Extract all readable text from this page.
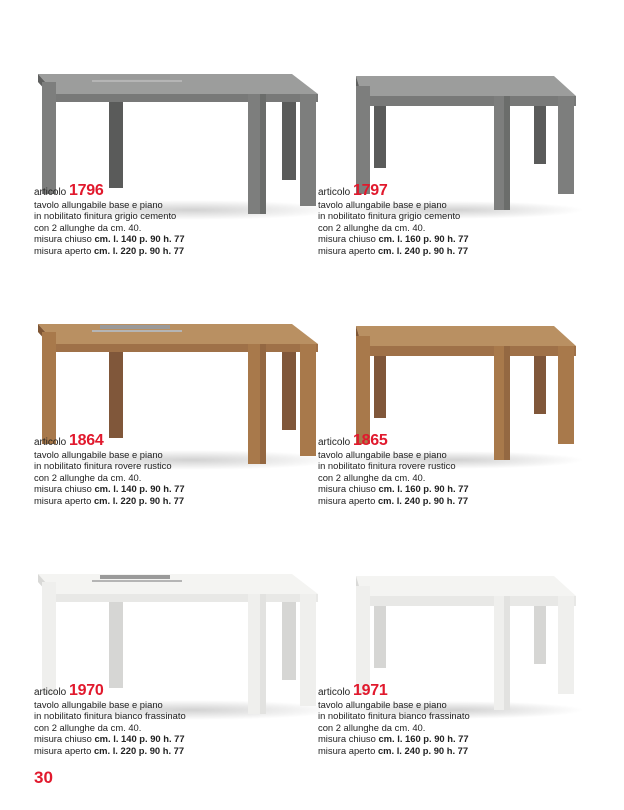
articolo 1796
tavolo allungabile base e piano
in nobilitato finitura grigio cemento
con 2 allunghe da cm. 40.
misura chiuso cm. l. 140 p. 90 h. 77
misura aperto cm. l. 220 p. 90 h. 77
articolo 1797
tavolo allungabile base e piano
in nobilitato finitura grigio cemento
con 2 allunghe da cm. 40.
misura chiuso cm. l. 160 p. 90 h. 77
misura aperto cm. l. 240 p. 90 h. 77
articolo 1864
tavolo allungabile base e piano
in nobilitato finitura rovere rustico
con 2 allunghe da cm. 40.
misura chiuso cm. l. 140 p. 90 h. 77
misura aperto cm. l. 220 p. 90 h. 77
articolo 1865
tavolo allungabile base e piano
in nobilitato finitura rovere rustico
con 2 allunghe da cm. 40.
misura chiuso cm. l. 160 p. 90 h. 77
misura aperto cm. l. 240 p. 90 h. 77
articolo 1970
tavolo allungabile base e piano
in nobilitato finitura bianco frassinato
con 2 allunghe da cm. 40.
misura chiuso cm. l. 140 p. 90 h. 77
misura aperto cm. l. 220 p. 90 h. 77
articolo 1971
tavolo allungabile base e piano
in nobilitato finitura bianco frassinato
con 2 allunghe da cm. 40.
misura chiuso cm. l. 160 p. 90 h. 77
misura aperto cm. l. 240 p. 90 h. 77
30
